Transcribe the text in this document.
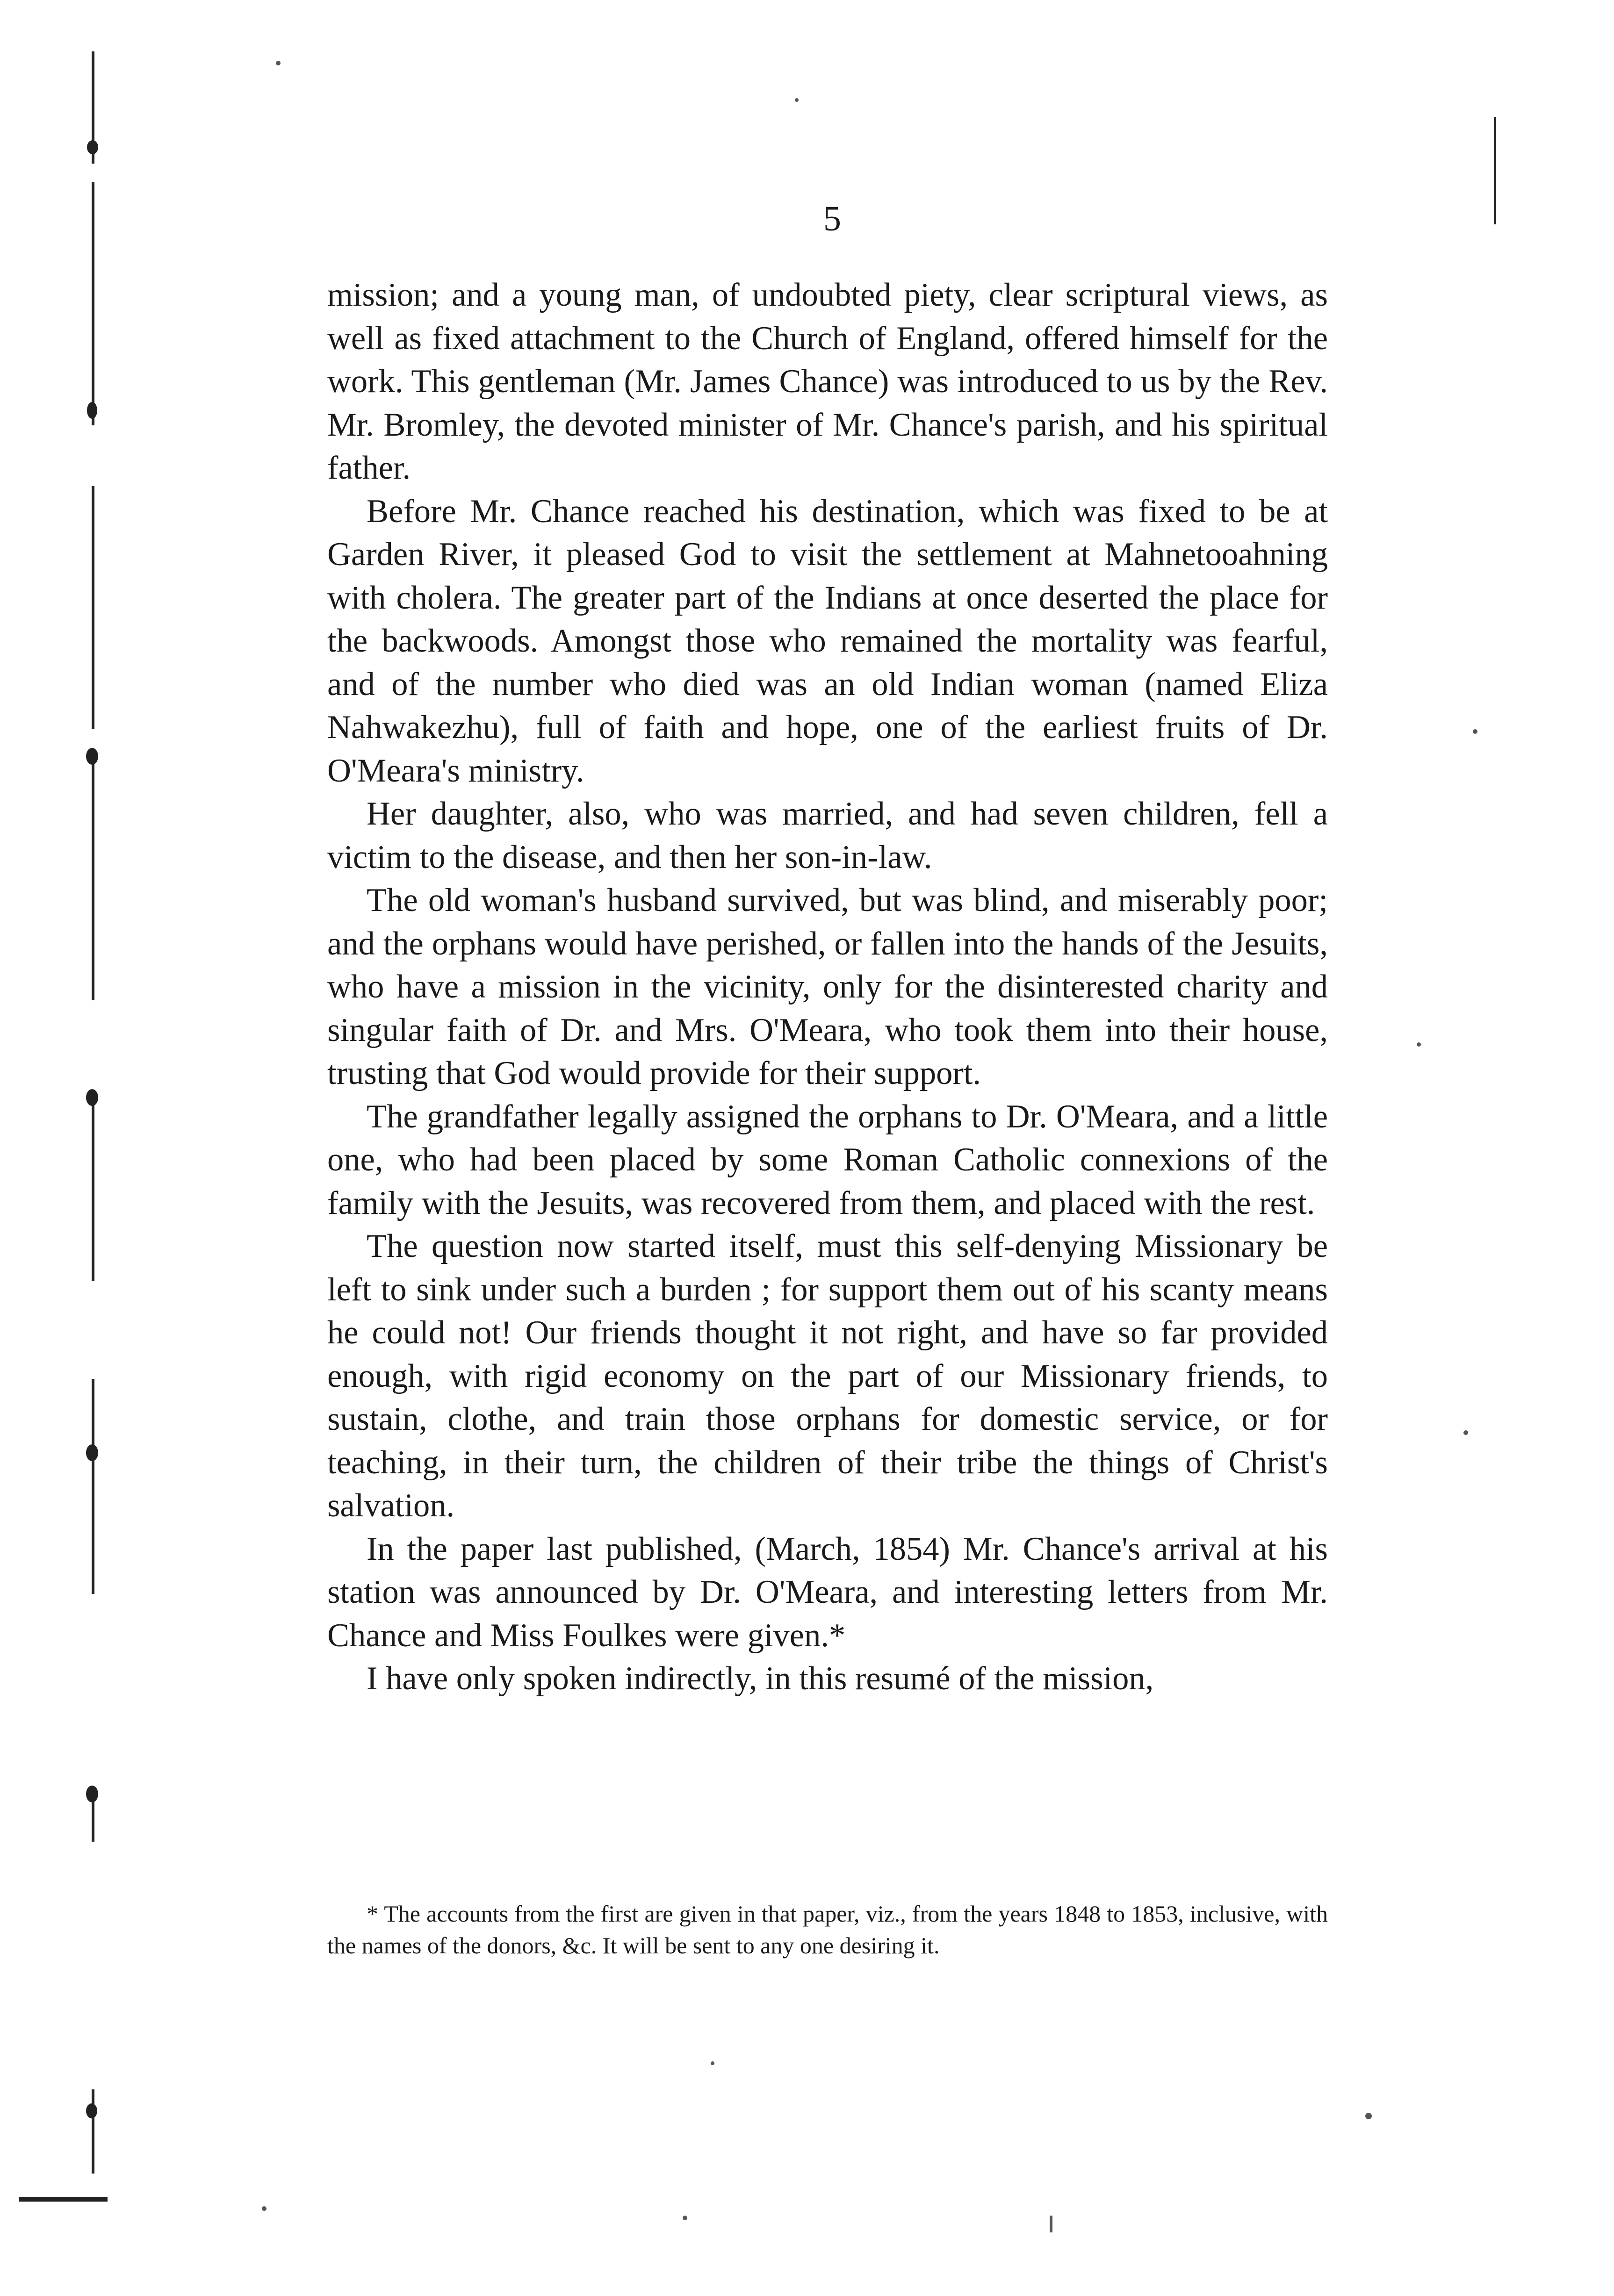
5

mission; and a young man, of undoubted piety, clear scriptural views, as well as fixed attachment to the Church of England, offered himself for the work. This gentleman (Mr. James Chance) was introduced to us by the Rev. Mr. Bromley, the devoted minister of Mr. Chance's parish, and his spiritual father.

Before Mr. Chance reached his destination, which was fixed to be at Garden River, it pleased God to visit the settlement at Mahnetooahning with cholera. The greater part of the Indians at once deserted the place for the backwoods. Amongst those who remained the mortality was fearful, and of the number who died was an old Indian woman (named Eliza Nahwakezhu), full of faith and hope, one of the earliest fruits of Dr. O'Meara's ministry.

Her daughter, also, who was married, and had seven children, fell a victim to the disease, and then her son-in-law.

The old woman's husband survived, but was blind, and miserably poor; and the orphans would have perished, or fallen into the hands of the Jesuits, who have a mission in the vicinity, only for the disinterested charity and singular faith of Dr. and Mrs. O'Meara, who took them into their house, trusting that God would provide for their support.

The grandfather legally assigned the orphans to Dr. O'Meara, and a little one, who had been placed by some Roman Catholic connexions of the family with the Jesuits, was recovered from them, and placed with the rest.

The question now started itself, must this self-denying Missionary be left to sink under such a burden ; for support them out of his scanty means he could not! Our friends thought it not right, and have so far provided enough, with rigid economy on the part of our Missionary friends, to sustain, clothe, and train those orphans for domestic service, or for teaching, in their turn, the children of their tribe the things of Christ's salvation.

In the paper last published, (March, 1854) Mr. Chance's arrival at his station was announced by Dr. O'Meara, and interesting letters from Mr. Chance and Miss Foulkes were given.*

I have only spoken indirectly, in this resumé of the mission,

* The accounts from the first are given in that paper, viz., from the years 1848 to 1853, inclusive, with the names of the donors, &c. It will be sent to any one desiring it.
